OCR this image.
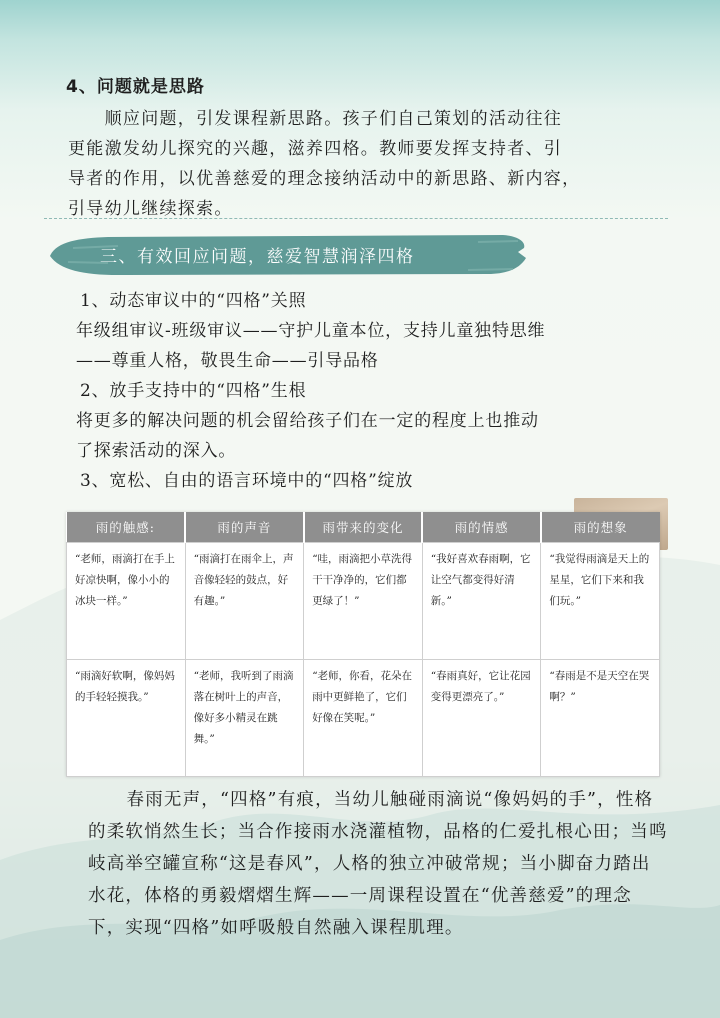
4、问题就是思路

　　顺应问题，引发课程新思路。孩子们自己策划的活动往往

更能激发幼儿探究的兴趣，滋养四格。教师要发挥支持者、引

导者的作用，以优善慈爱的理念接纳活动中的新思路、新内容，

引导幼儿继续探索。

三、有效回应问题，慈爱智慧润泽四格
1、动态审议中的“四格”关照
年级组审议-班级审议——守护儿童本位，支持儿童独特思维
——尊重人格，敬畏生命——引导品格
2、放手支持中的“四格”生根
将更多的解决问题的机会留给孩子们在一定的程度上也推动
了探索活动的深入。
3、宽松、自由的语言环境中的“四格”绽放
雨的触感:	雨的声音	雨带来的变化	雨的情感	雨的想象
“老师，雨滴打在手上好凉快啊，像小小的冰块一样。”	“雨滴打在雨伞上，声音像轻轻的鼓点，好有趣。”	“哇，雨滴把小草洗得干干净净的，它们都更绿了！”	“我好喜欢春雨啊，它让空气都变得好清新。”	“我觉得雨滴是天上的星星，它们下来和我们玩。”
“雨滴好软啊，像妈妈的手轻轻摸我。”	“老师，我听到了雨滴落在树叶上的声音，像好多小精灵在跳舞。”	“老师，你看，花朵在雨中更鲜艳了，它们好像在笑呢。”	“春雨真好，它让花园变得更漂亮了。”	“春雨是不是天空在哭啊？”

春雨无声，“四格”有痕，当幼儿触碰雨滴说“像妈妈的手”，性格的柔软悄然生长；当合作接雨水浇灌植物，品格的仁爱扎根心田；当鸣岐高举空罐宣称“这是春风”，人格的独立冲破常规；当小脚奋力踏出水花，体格的勇毅熠熠生辉——一周课程设置在“优善慈爱”的理念下，实现“四格”如呼吸般自然融入课程肌理。
